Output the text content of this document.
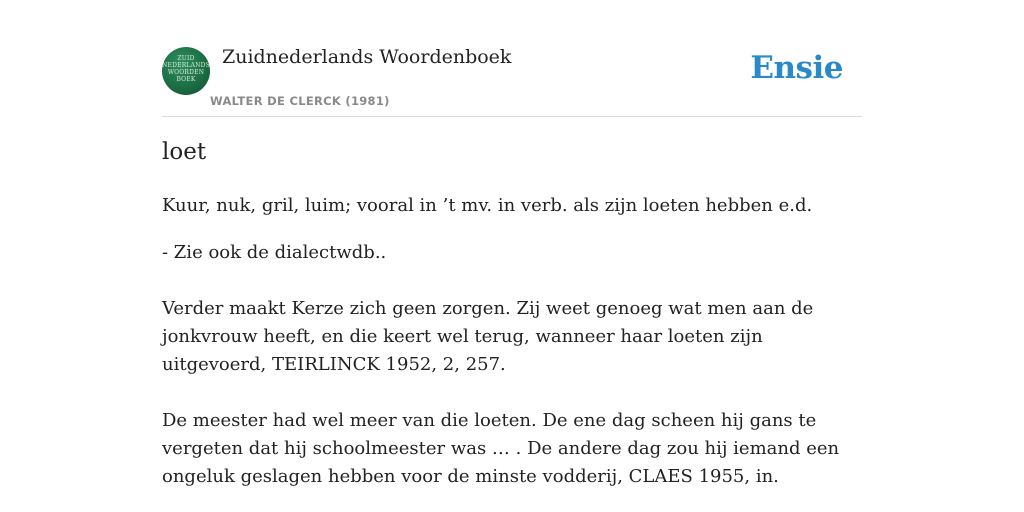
ZUID
NEDERLANDS
WOORDEN
BOEK
Zuidnederlands Woordenboek
WALTER DE CLERCK (1981)
Ensie
loet

Kuur, nuk, gril, luim; vooral in ’t mv. in verb. als zijn loeten hebben e.d.

- Zie ook de dialectwdb..

Verder maakt Kerze zich geen zorgen. Zij weet genoeg wat men aan de jonkvrouw heeft, en die keert wel terug, wanneer haar loeten zijn uitgevoerd, TEIRLINCK 1952, 2, 257.

De meester had wel meer van die loeten. De ene dag scheen hij gans te vergeten dat hij schoolmeester was … . De andere dag zou hij iemand een ongeluk geslagen hebben voor de minste vodderij, CLAES 1955, in.
